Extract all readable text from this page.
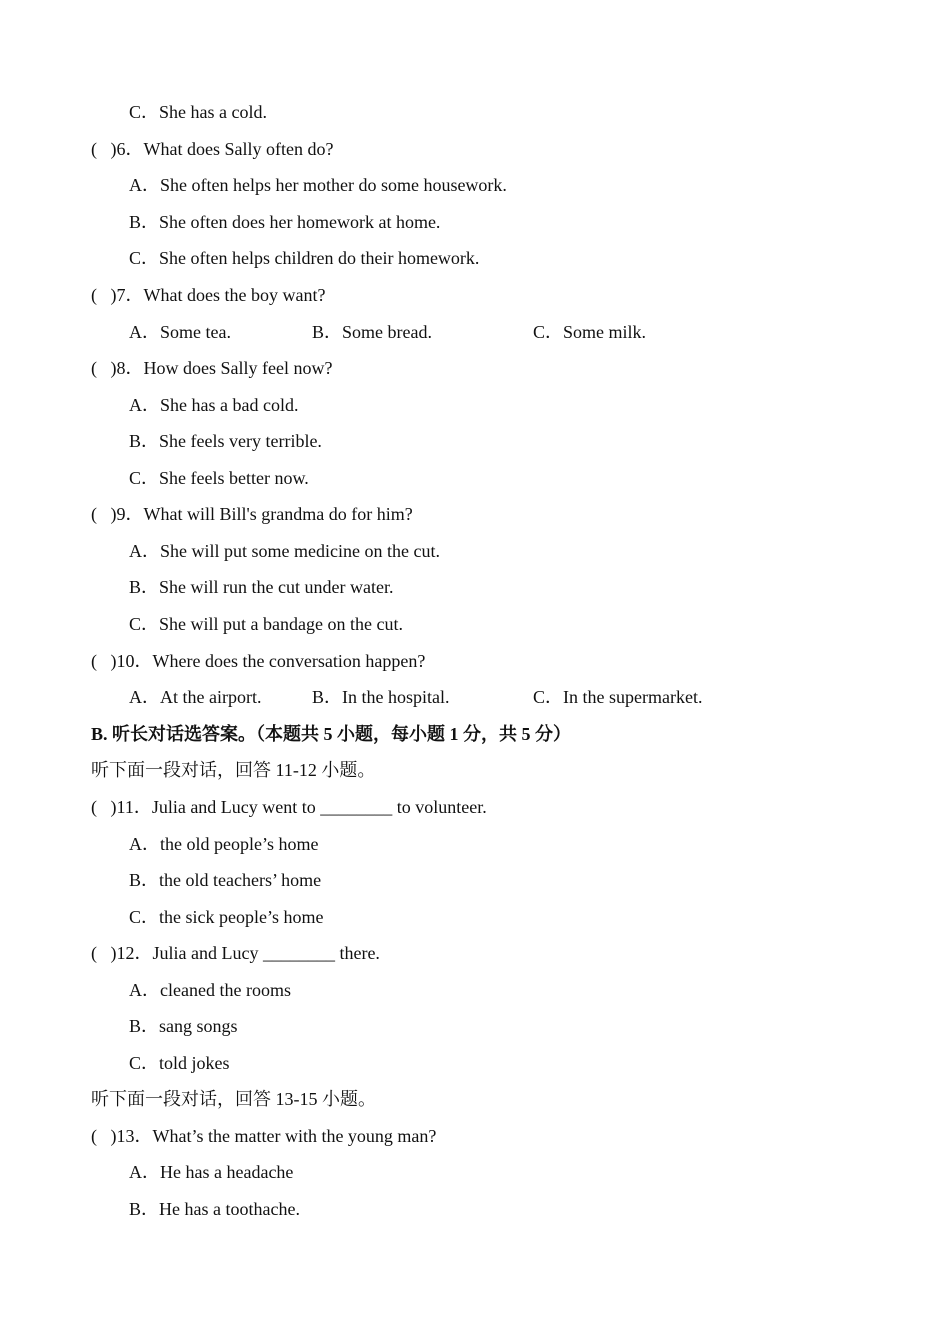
C．She has a cold.
(   )6．What does Sally often do?
A．She often helps her mother do some housework.
B．She often does her homework at home.
C．She often helps children do their homework.
(   )7．What does the boy want?
A．Some tea.	B．Some bread.	C．Some milk.
(   )8．How does Sally feel now?
A．She has a bad cold.
B．She feels very terrible.
C．She feels better now.
(   )9．What will Bill's grandma do for him?
A．She will put some medicine on the cut.
B．She will run the cut under water.
C．She will put a bandage on the cut.
(   )10．Where does the conversation happen?
A．At the airport.	B．In the hospital.	C．In the supermarket.
B. 听长对话选答案。（本题共 5 小题，每小题 1 分，共 5 分）
听下面一段对话，回答 11-12 小题。
(   )11．Julia and Lucy went to ________ to volunteer.
A．the old people’s home
B．the old teachers’ home
C．the sick people’s home
(   )12．Julia and Lucy ________ there.
A．cleaned the rooms
B．sang songs
C．told jokes
听下面一段对话，回答 13-15 小题。
(   )13．What’s the matter with the young man?
A．He has a headache
B．He has a toothache.
